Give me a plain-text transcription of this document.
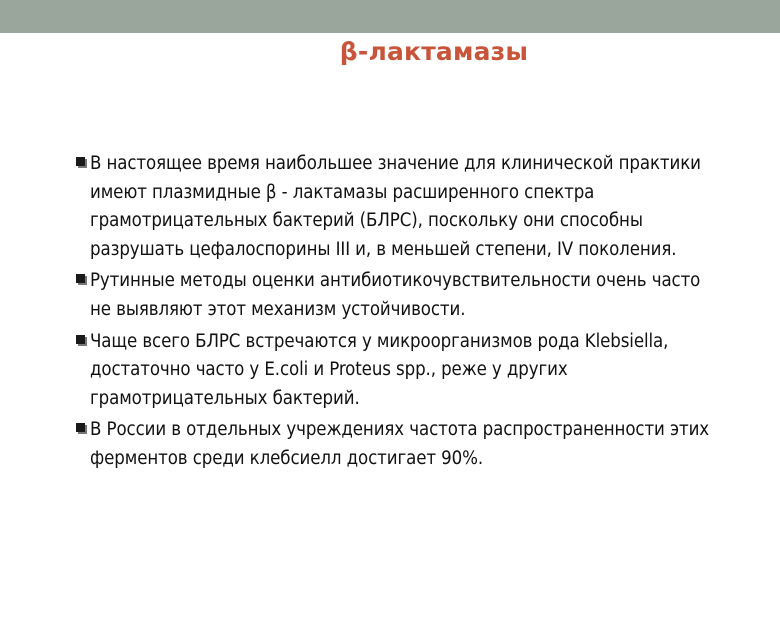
β-лактамазы
В настоящее время наибольшее значение для клинической практики имеют плазмидные β - лактамазы расширенного спектра грамотрицательных бактерий (БЛРС), поскольку они способны разрушать цефалоспорины III и, в меньшей степени, IV поколения.
Рутинные методы оценки антибиотикочувствительности очень часто не выявляют этот механизм устойчивости.
Чаще всего БЛРС встречаются у микроорганизмов рода Klebsiella, достаточно часто у E.coli и Proteus spp., реже у других грамотрицательных бактерий.
В России в отдельных учреждениях частота распространенности этих ферментов среди клебсиелл достигает 90%.
